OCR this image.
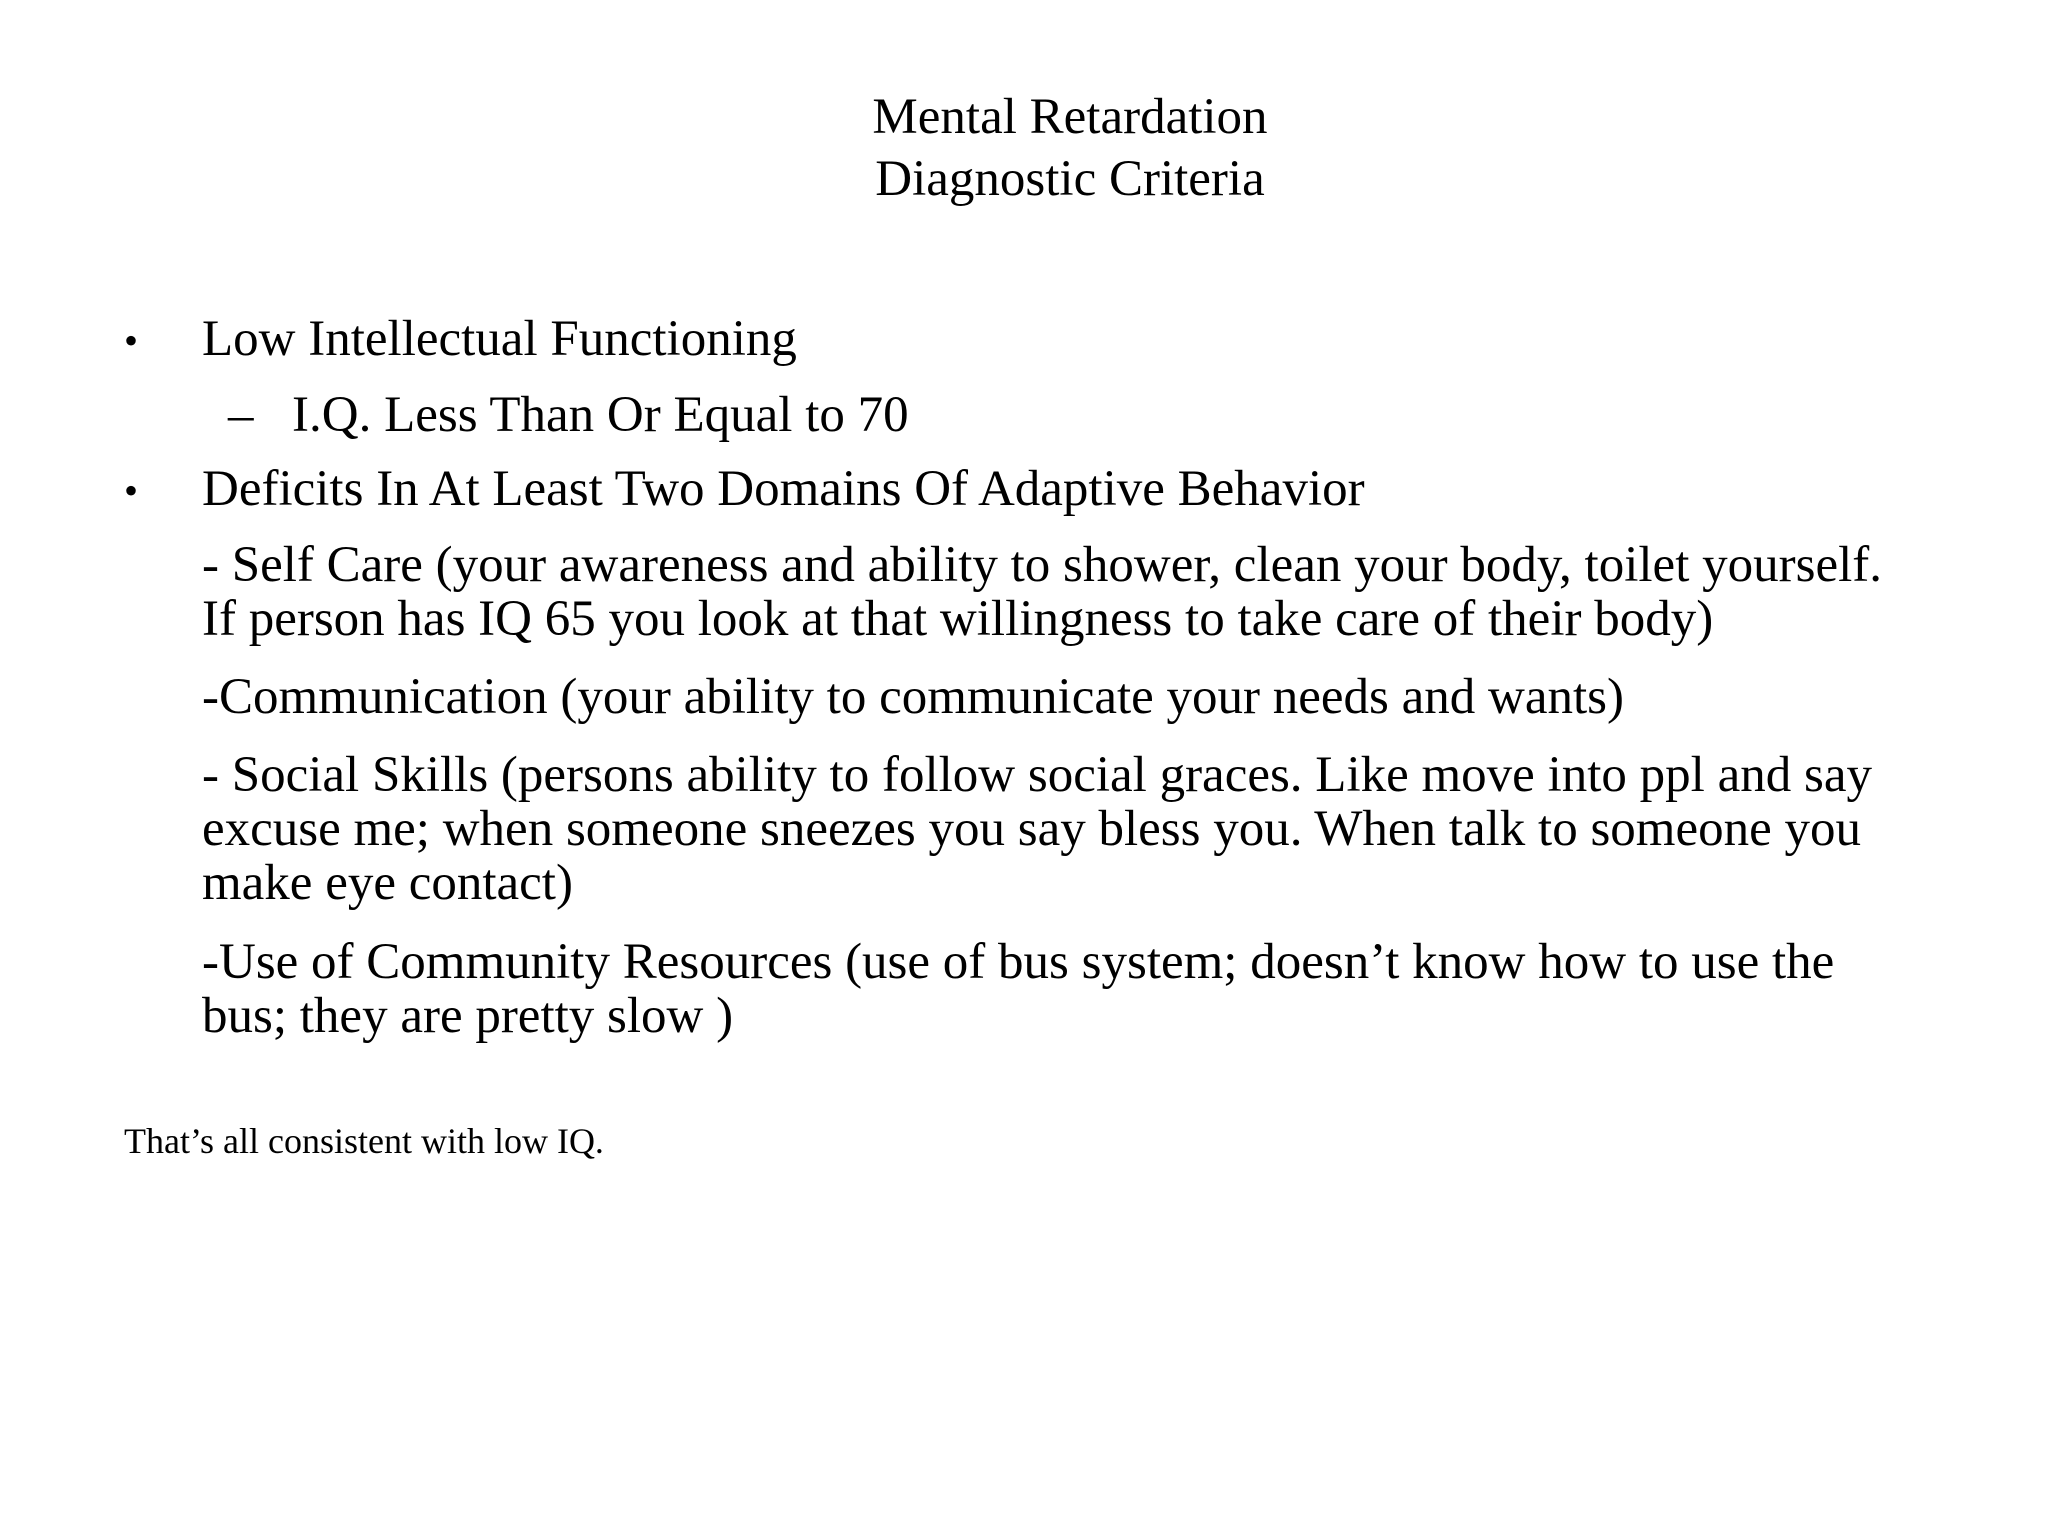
Mental Retardation
Diagnostic Criteria
• Low Intellectual Functioning
– I.Q. Less Than Or Equal to 70
• Deficits In At Least Two Domains Of Adaptive Behavior
- Self Care (your awareness and ability to shower, clean your body, toilet yourself.
If person has IQ 65 you look at that willingness to take care of their body)
-Communication (your ability to communicate your needs and wants)
- Social Skills (persons ability to follow social graces. Like move into ppl and say
excuse me; when someone sneezes you say bless you. When talk to someone you
make eye contact)
-Use of Community Resources (use of bus system; doesn’t know how to use the
bus; they are pretty slow )
That’s all consistent with low IQ.
